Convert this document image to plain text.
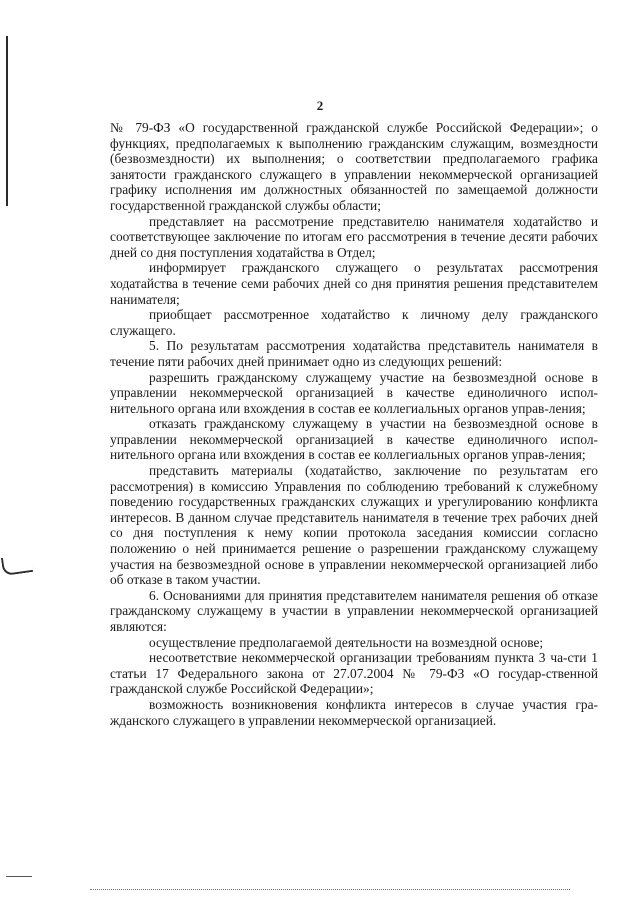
2

№ 79-ФЗ «О государственной гражданской службе Российской Федерации»; о функциях, предполагаемых к выполнению гражданским служащим, возмездности (безвозмездности) их выполнения; о соответствии предполагаемого графика занятости гражданского служащего в управлении некоммерческой организацией графику исполнения им должностных обязанностей по замещаемой должности государственной гражданской службы области;

представляет на рассмотрение представителю нанимателя ходатайство и соответствующее заключение по итогам его рассмотрения в течение десяти рабочих дней со дня поступления ходатайства в Отдел;

информирует гражданского служащего о результатах рассмотрения ходатайства в течение семи рабочих дней со дня принятия решения представителем нанимателя;

приобщает рассмотренное ходатайство к личному делу гражданского служащего.

5. По результатам рассмотрения ходатайства представитель нанимателя в течение пяти рабочих дней принимает одно из следующих решений:

разрешить гражданскому служащему участие на безвозмездной основе в управлении некоммерческой организацией в качестве единоличного испол-нительного органа или вхождения в состав ее коллегиальных органов управ-ления;

отказать гражданскому служащему в участии на безвозмездной основе в управлении некоммерческой организацией в качестве единоличного испол-нительного органа или вхождения в состав ее коллегиальных органов управ-ления;

представить материалы (ходатайство, заключение по результатам его рассмотрения) в комиссию Управления по соблюдению требований к служебному поведению государственных гражданских служащих и урегулированию конфликта интересов. В данном случае представитель нанимателя в течение трех рабочих дней со дня поступления к нему копии протокола заседания комиссии согласно положению о ней принимается решение о разрешении гражданскому служащему участия на безвозмездной основе в управлении некоммерческой организацией либо об отказе в таком участии.

6. Основаниями для принятия представителем нанимателя решения об отказе гражданскому служащему в участии в управлении некоммерческой организацией являются:

осуществление предполагаемой деятельности на возмездной основе;

несоответствие некоммерческой организации требованиям пункта 3 ча-сти 1 статьи 17 Федерального закона от 27.07.2004 № 79-ФЗ «О государ-ственной гражданской службе Российской Федерации»;

возможность возникновения конфликта интересов в случае участия гра-жданского служащего в управлении некоммерческой организацией.
